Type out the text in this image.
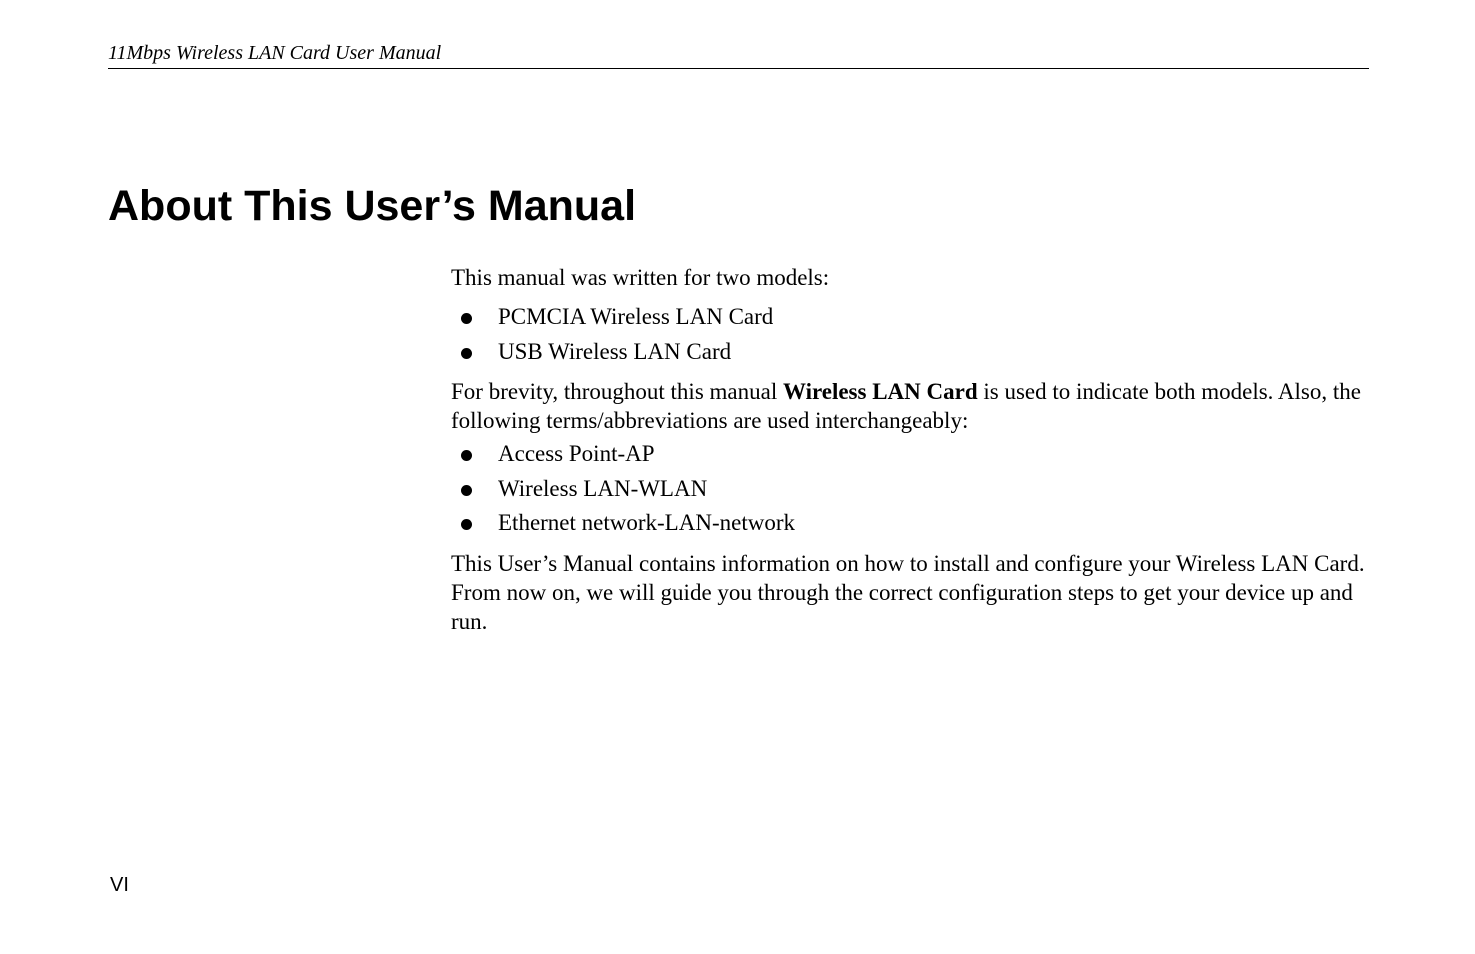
11Mbps Wireless LAN Card User Manual
About This User’s Manual

This manual was written for two models:

PCMCIA Wireless LAN Card
USB Wireless LAN Card

For brevity, throughout this manual Wireless LAN Card is used to indicate both models. Also, the following terms/abbreviations are used interchangeably:

Access Point-AP
Wireless LAN-WLAN
Ethernet network-LAN-network

This User’s Manual contains information on how to install and configure your Wireless LAN Card. From now on, we will guide you through the correct configuration steps to get your device up and run.

VI
